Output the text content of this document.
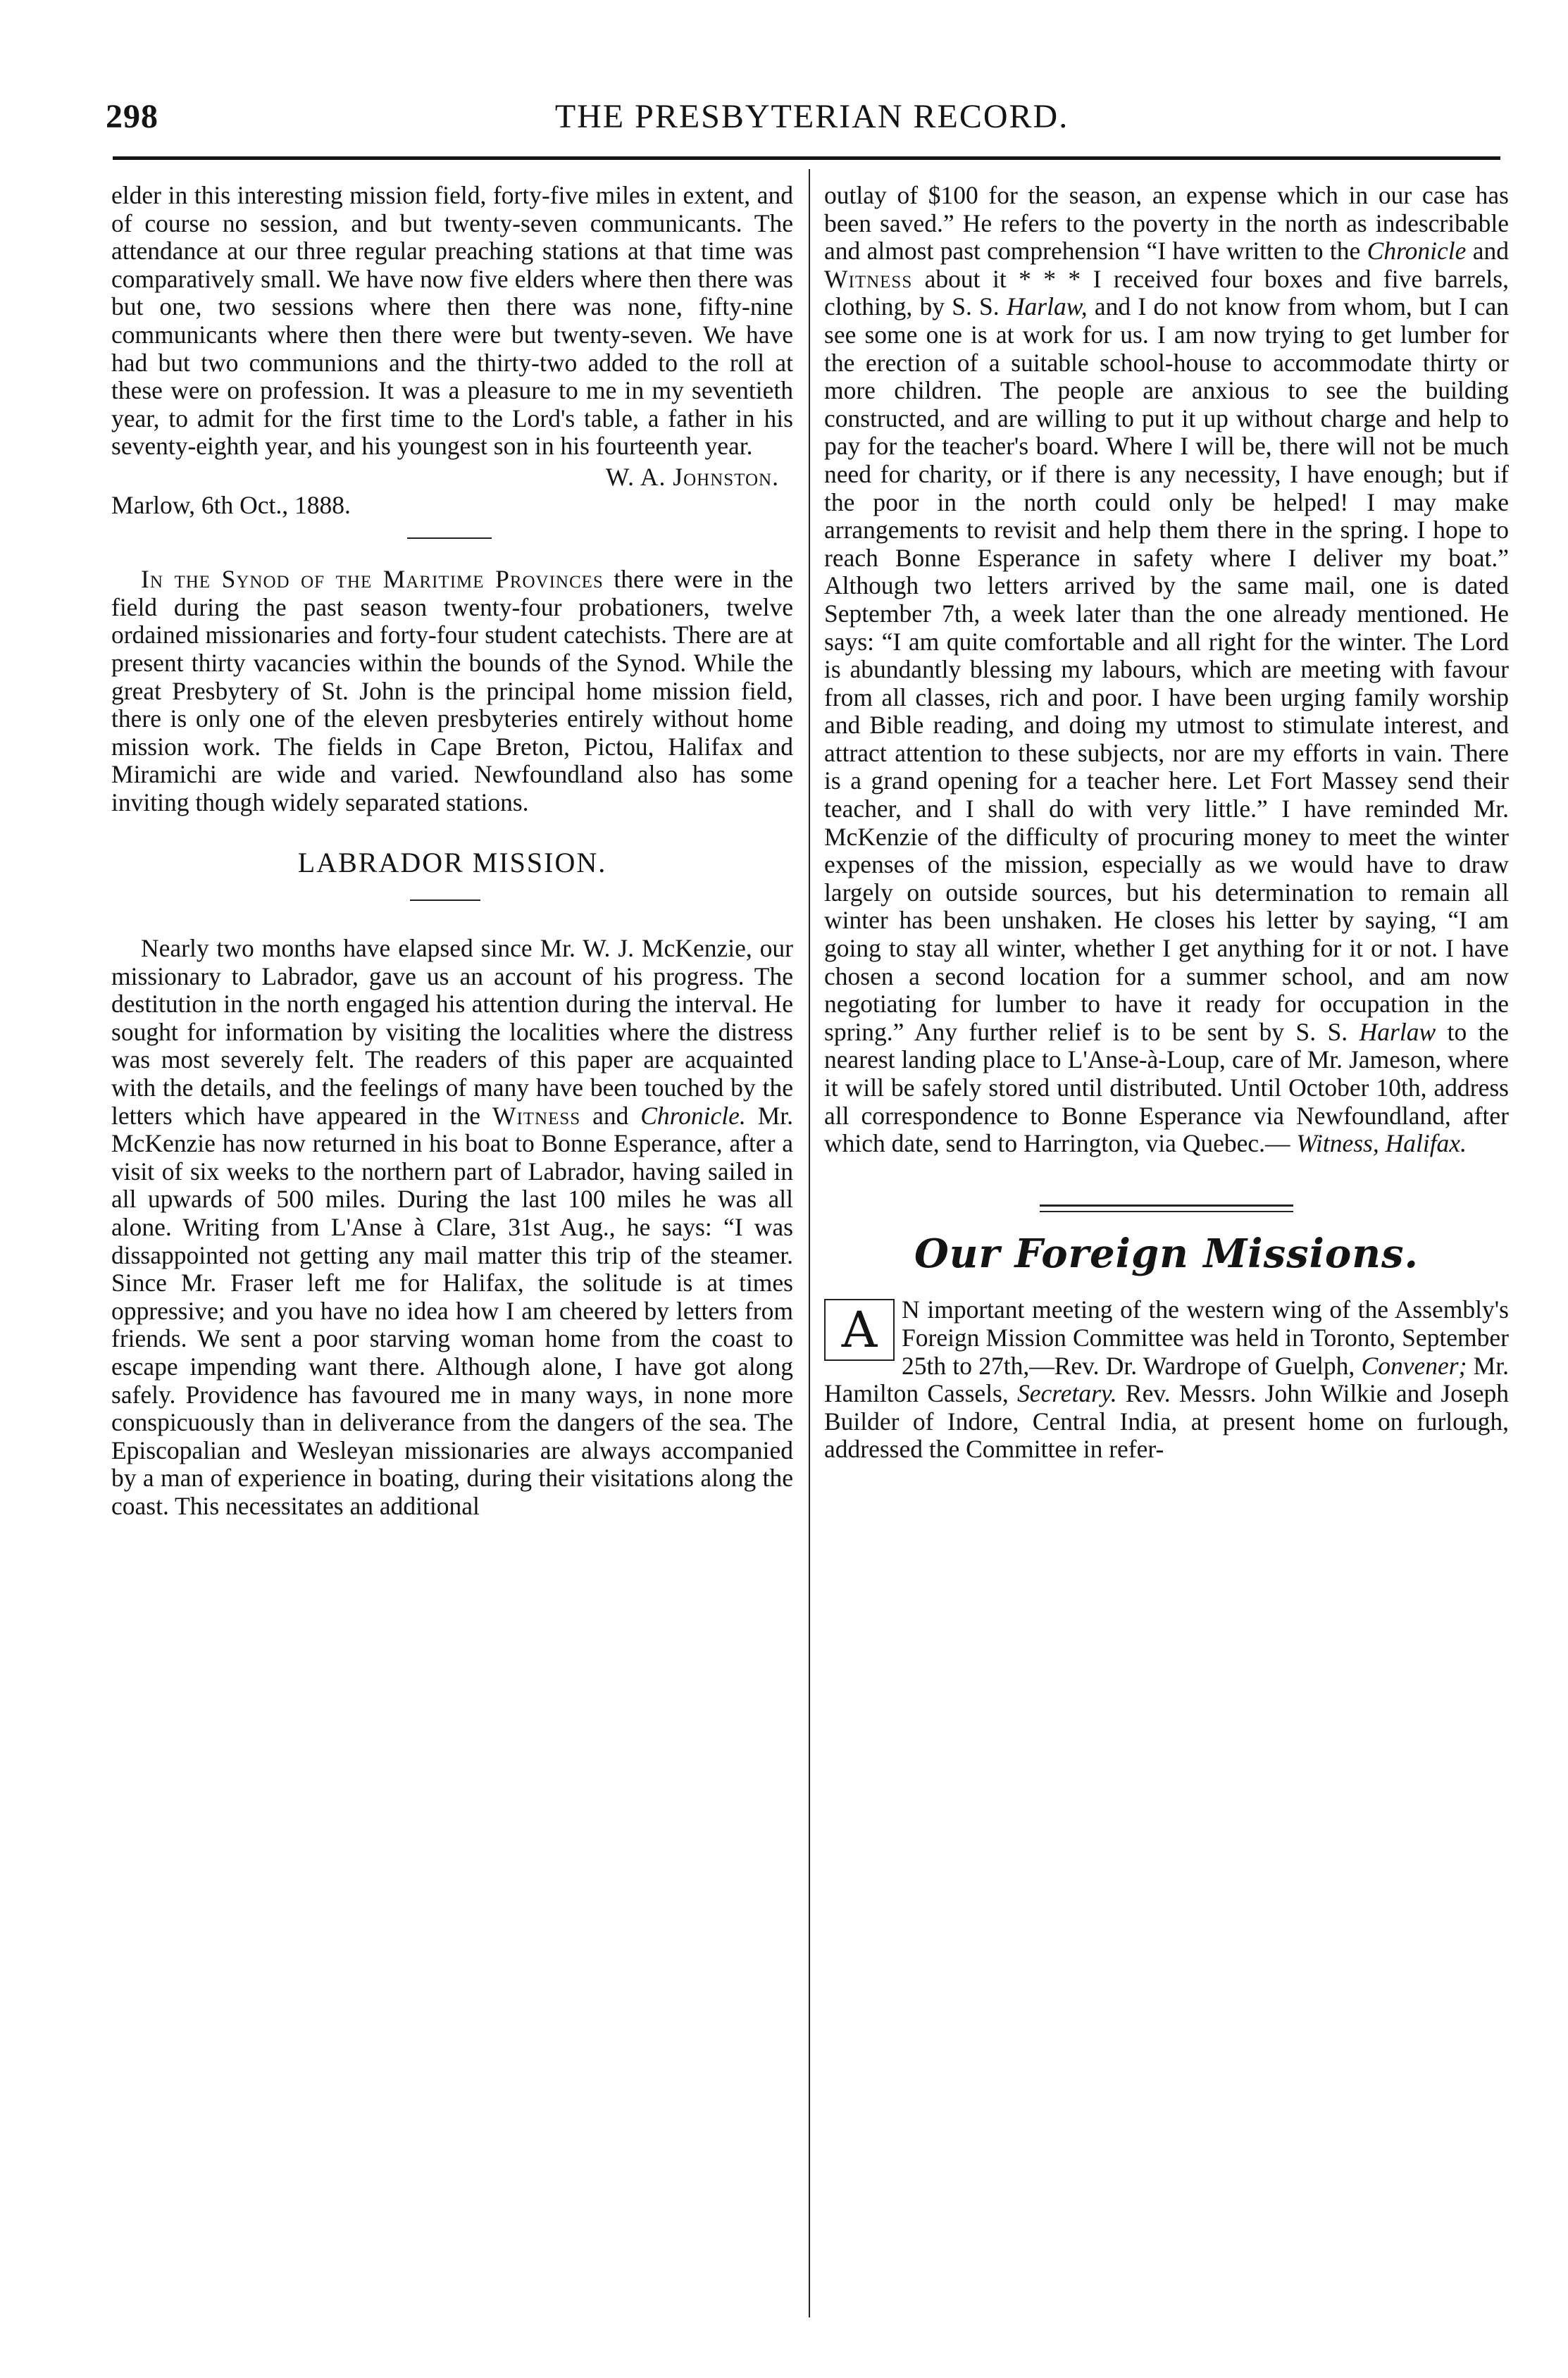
298	THE PRESBYTERIAN RECORD.

elder in this interesting mission field, forty-five miles in extent, and of course no session, and but twenty-seven communicants. The attendance at our three regular preaching stations at that time was comparatively small. We have now five elders where then there was but one, two sessions where then there was none, fifty-nine communicants where then there were but twenty-seven. We have had but two communions and the thirty-two added to the roll at these were on profession. It was a pleasure to me in my seventieth year, to admit for the first time to the Lord's table, a father in his seventy-eighth year, and his youngest son in his fourteenth year.

W. A. Johnston.

Marlow, 6th Oct., 1888.

In the Synod of the Maritime Provinces there were in the field during the past season twenty-four probationers, twelve ordained missionaries and forty-four student catechists. There are at present thirty vacancies within the bounds of the Synod. While the great Presbytery of St. John is the principal home mission field, there is only one of the eleven presbyteries entirely without home mission work. The fields in Cape Breton, Pictou, Halifax and Miramichi are wide and varied. Newfoundland also has some inviting though widely separated stations.

LABRADOR MISSION.

Nearly two months have elapsed since Mr. W. J. McKenzie, our missionary to Labrador, gave us an account of his progress. The destitution in the north engaged his attention during the interval. He sought for information by visiting the localities where the distress was most severely felt. The readers of this paper are acquainted with the details, and the feelings of many have been touched by the letters which have appeared in the Witness and Chronicle. Mr. McKenzie has now returned in his boat to Bonne Esperance, after a visit of six weeks to the northern part of Labrador, having sailed in all upwards of 500 miles. During the last 100 miles he was all alone. Writing from L'Anse à Clare, 31st Aug., he says: “I was dissappointed not getting any mail matter this trip of the steamer. Since Mr. Fraser left me for Halifax, the solitude is at times oppressive; and you have no idea how I am cheered by letters from friends. We sent a poor starving woman home from the coast to escape impending want there. Although alone, I have got along safely. Providence has favoured me in many ways, in none more conspicuously than in deliverance from the dangers of the sea. The Episcopalian and Wesleyan missionaries are always accompanied by a man of experience in boating, during their visitations along the coast. This necessitates an additional

outlay of $100 for the season, an expense which in our case has been saved.” He refers to the poverty in the north as indescribable and almost past comprehension “I have written to the Chronicle and Witness about it * * * I received four boxes and five barrels, clothing, by S. S. Harlaw, and I do not know from whom, but I can see some one is at work for us. I am now trying to get lumber for the erection of a suitable school-house to accommodate thirty or more children. The people are anxious to see the building constructed, and are willing to put it up without charge and help to pay for the teacher's board. Where I will be, there will not be much need for charity, or if there is any necessity, I have enough; but if the poor in the north could only be helped! I may make arrangements to revisit and help them there in the spring. I hope to reach Bonne Esperance in safety where I deliver my boat.” Although two letters arrived by the same mail, one is dated September 7th, a week later than the one already mentioned. He says: “I am quite comfortable and all right for the winter. The Lord is abundantly blessing my labours, which are meeting with favour from all classes, rich and poor. I have been urging family worship and Bible reading, and doing my utmost to stimulate interest, and attract attention to these subjects, nor are my efforts in vain. There is a grand opening for a teacher here. Let Fort Massey send their teacher, and I shall do with very little.” I have reminded Mr. McKenzie of the difficulty of procuring money to meet the winter expenses of the mission, especially as we would have to draw largely on outside sources, but his determination to remain all winter has been unshaken. He closes his letter by saying, “I am going to stay all winter, whether I get anything for it or not. I have chosen a second location for a summer school, and am now negotiating for lumber to have it ready for occupation in the spring.” Any further relief is to be sent by S. S. Harlaw to the nearest landing place to L'Anse-à-Loup, care of Mr. Jameson, where it will be safely stored until distributed. Until October 10th, address all correspondence to Bonne Esperance via Newfoundland, after which date, send to Harrington, via Quebec.— Witness, Halifax.

Our Foreign Missions.

A N important meeting of the western wing of the Assembly's Foreign Mission Committee was held in Toronto, September 25th to 27th,—Rev. Dr. Wardrope of Guelph, Convener; Mr. Hamilton Cassels, Secretary. Rev. Messrs. John Wilkie and Joseph Builder of Indore, Central India, at present home on furlough, addressed the Committee in refer-
